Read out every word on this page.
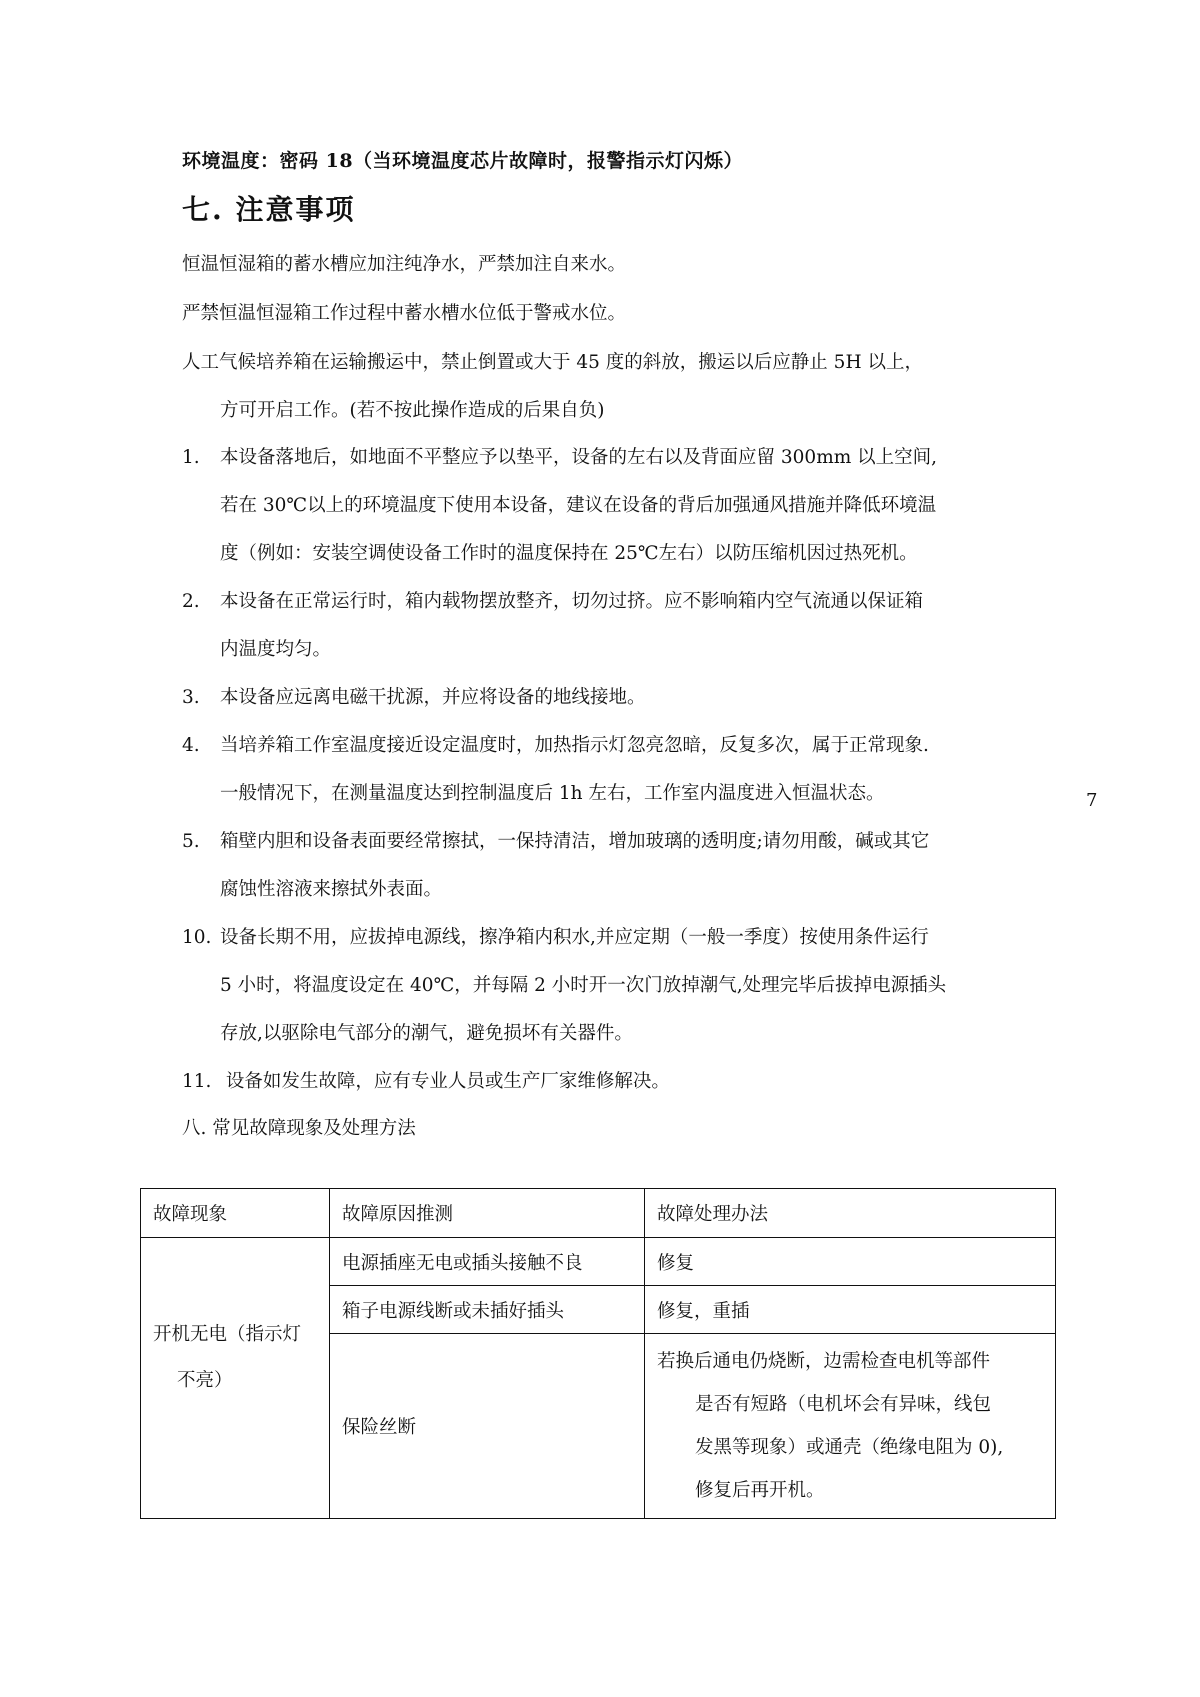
环境温度：密码 18（当环境温度芯片故障时，报警指示灯闪烁）
七. 注意事项
恒温恒湿箱的蓄水槽应加注纯净水，严禁加注自来水。
严禁恒温恒湿箱工作过程中蓄水槽水位低于警戒水位。
人工气候培养箱在运输搬运中，禁止倒置或大于 45 度的斜放，搬运以后应静止 5H 以上，
方可开启工作。(若不按此操作造成的后果自负)
1. 本设备落地后，如地面不平整应予以垫平，设备的左右以及背面应留 300mm 以上空间,
若在 30℃以上的环境温度下使用本设备，建议在设备的背后加强通风措施并降低环境温
度（例如：安装空调使设备工作时的温度保持在 25℃左右）以防压缩机因过热死机。
2. 本设备在正常运行时，箱内载物摆放整齐，切勿过挤。应不影响箱内空气流通以保证箱
内温度均匀。
3. 本设备应远离电磁干扰源，并应将设备的地线接地。
4. 当培养箱工作室温度接近设定温度时，加热指示灯忽亮忽暗，反复多次，属于正常现象.
一般情况下，在测量温度达到控制温度后 1h 左右，工作室内温度进入恒温状态。
5. 箱壁内胆和设备表面要经常擦拭，一保持清洁，增加玻璃的透明度;请勿用酸，碱或其它
腐蚀性溶液来擦拭外表面。
10. 设备长期不用，应拔掉电源线，擦净箱内积水,并应定期（一般一季度）按使用条件运行
5 小时，将温度设定在 40℃，并每隔 2 小时开一次门放掉潮气,处理完毕后拔掉电源插头
存放,以驱除电气部分的潮气，避免损坏有关器件。
11. 设备如发生故障，应有专业人员或生产厂家维修解决。
八. 常见故障现象及处理方法
7
故障现象	故障原因推测	故障处理办法

开机无电（指示灯
不亮）	电源插座无电或插头接触不良	修复

	箱子电源线断或未插好插头	修复，重插

	保险丝断	若换后通电仍烧断，边需检查电机等部件
是否有短路（电机坏会有异味，线包
发黑等现象）或通壳（绝缘电阻为 0),
修复后再开机。
